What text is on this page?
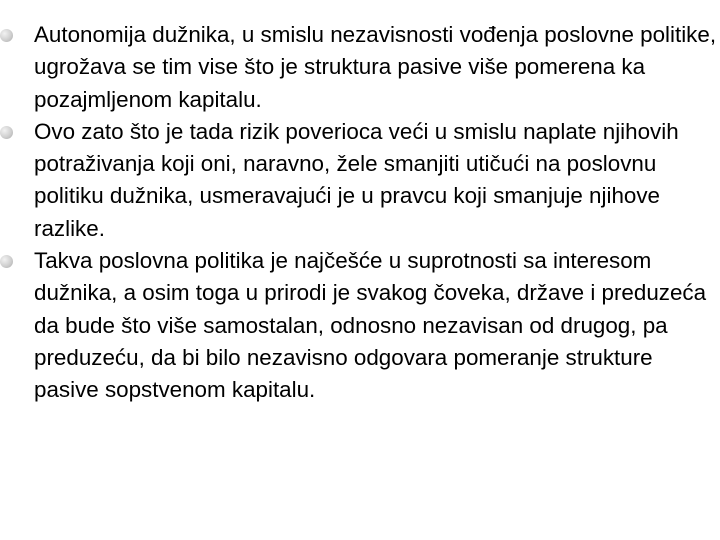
Autonomija dužnika, u smislu nezavisnosti vođenja poslovne politike, ugrožava se tim vise što je struktura pasive više pomerena ka pozajmljenom kapitalu.
Ovo zato što je tada rizik poverioca veći u smislu naplate njihovih potraživanja koji oni, naravno, žele smanjiti utičući na poslovnu politiku dužnika, usmeravajući je u pravcu koji smanjuje njihove razlike.
Takva poslovna politika je najčešće u suprotnosti sa interesom dužnika, a osim toga u prirodi je svakog čoveka, države i preduzeća da bude što više samostalan, odnosno nezavisan od drugog, pa preduzeću, da bi bilo nezavisno odgovara pomeranje strukture pasive sopstvenom kapitalu.
